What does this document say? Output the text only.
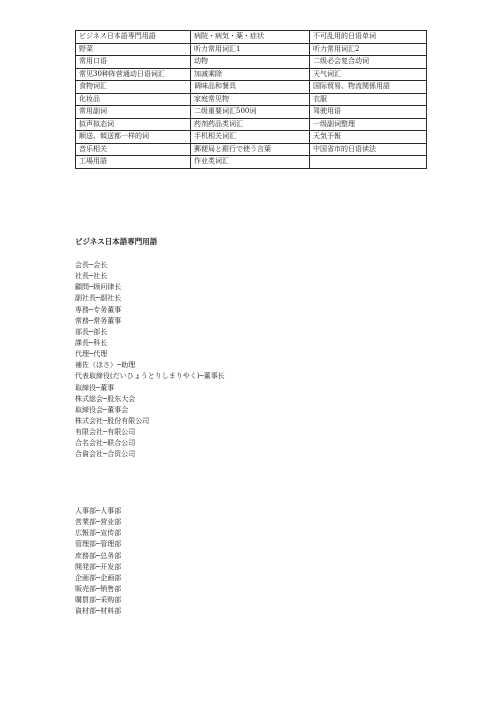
ビジネス日本語専門用語	病院・病気・薬・症状	不可乱用的日语单词
野菜	听力常用词汇1	听力常用词汇2
常用口语	动物	二级必会复合动词
常见30种阵营通动日语词汇	加减乘除	天气词汇
食物词汇	调味品和餐具	国际貿易、物流関係用語
化妆品	家庭常见物	衣服
常用副词	二级重要词汇500词	驾驶用语
拟声拟态词	药剂药品类词汇	一级副词整理
顺送、傾送都一样的词	手机相关词汇	天気予報
音乐相关	郵便局と銀行で使う言葉	中国省市的日语读法
工場用語	作业类词汇	
ビジネス日本語専門用語
会長─会长
社長─社长
顧問─顾问律长
副社長─副社长
専務─专务董事
常務─常务董事
部長─部长
課長─科长
代理─代理
補佐（ほさ）─助理
代表取締役(だいひょうとりしまりやく)─董事长
取締役─董事
株式総会─股东大会
取締役会─董事会
株式会社─股份有限公司
有限会社─有限公司
合名会社─联合公司
合資会社─合资公司
人事部─人事部
営業部─营业部
広報部─宣传部
管理部─管理部
庶務部─总务部
開発部─开发部
企画部─企画部
販売部─销售部
購買部─采购部
資材部─材料部
